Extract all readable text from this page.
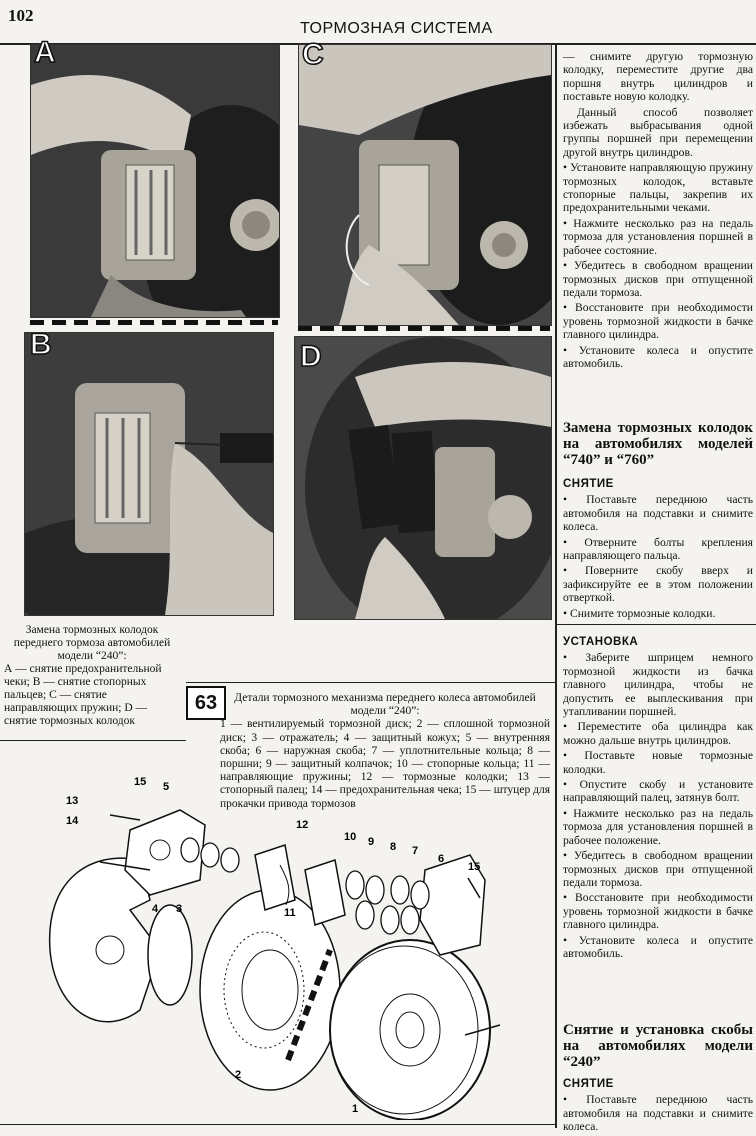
102
ТОРМОЗНАЯ СИСТЕМА
A	C
B	D

Замена тормозных колодок переднего тормоза автомобилей модели “240”:

А — снятие предохранительной чеки; В — снятие стопорных пальцев; С — снятие направляющих пружин; D — снятие тормозных колодок

63	Детали тормозного механизма переднего колеса автомобилей модели “240”:
1 — вентилируемый тормозной диск; 2 — сплошной тормозной диск; 3 — отражатель; 4 — защитный кожух; 5 — внутренняя скоба; 6 — наружная скоба; 7 — уплотнительные кольца; 8 — поршни; 9 — защитный колпачок; 10 — стопорные кольца; 11 — направляющие пружины; 12 — тормозные колодки; 13 — стопорный палец; 14 — предохранительная чека; 15 — штуцер для прокачки привода тормозов
1
2
3
4
5
6
7
8
9
10
11
12
13
14
15
15

— снимите другую тормозную колодку, переместите другие два поршня внутрь цилиндров и поставьте новую колодку.

Данный способ позволяет избежать выбрасывания одной группы поршней при перемещении другой внутрь цилиндров.

• Установите направляющую пружину тормозных колодок, вставьте стопорные пальцы, закрепив их предохранительными чеками.

• Нажмите несколько раз на педаль тормоза для установления поршней в рабочее состояние.

• Убедитесь в свободном вращении тормозных дисков при отпущенной педали тормоза.

• Восстановите при необходимости уровень тормозной жидкости в бачке главного цилиндра.

• Установите колеса и опустите автомобиль.

Замена тормозных колодок на автомобилях моделей “740” и “760”

СНЯТИЕ

• Поставьте переднюю часть автомобиля на подставки и снимите колеса.

• Отверните болты крепления направляющего пальца.

• Поверните скобу вверх и зафиксируйте ее в этом положении отверткой.

• Снимите тормозные колодки.

УСТАНОВКА

• Заберите шприцем немного тормозной жидкости из бачка главного цилиндра, чтобы не допустить ее выплескивания при утапливании поршней.

• Переместите оба цилиндра как можно дальше внутрь цилиндров.

• Поставьте новые тормозные колодки.

• Опустите скобу и установите направляющий палец, затянув болт.

• Нажмите несколько раз на педаль тормоза для установления поршней в рабочее положение.

• Убедитесь в свободном вращении тормозных дисков при отпущенной педали тормоза.

• Восстановите при необходимости уровень тормозной жидкости в бачке главного цилиндра.

• Установите колеса и опустите автомобиль.

Снятие и установка скобы на автомобилях модели “240”

СНЯТИЕ

• Поставьте переднюю часть автомобиля на подставки и снимите колеса.
